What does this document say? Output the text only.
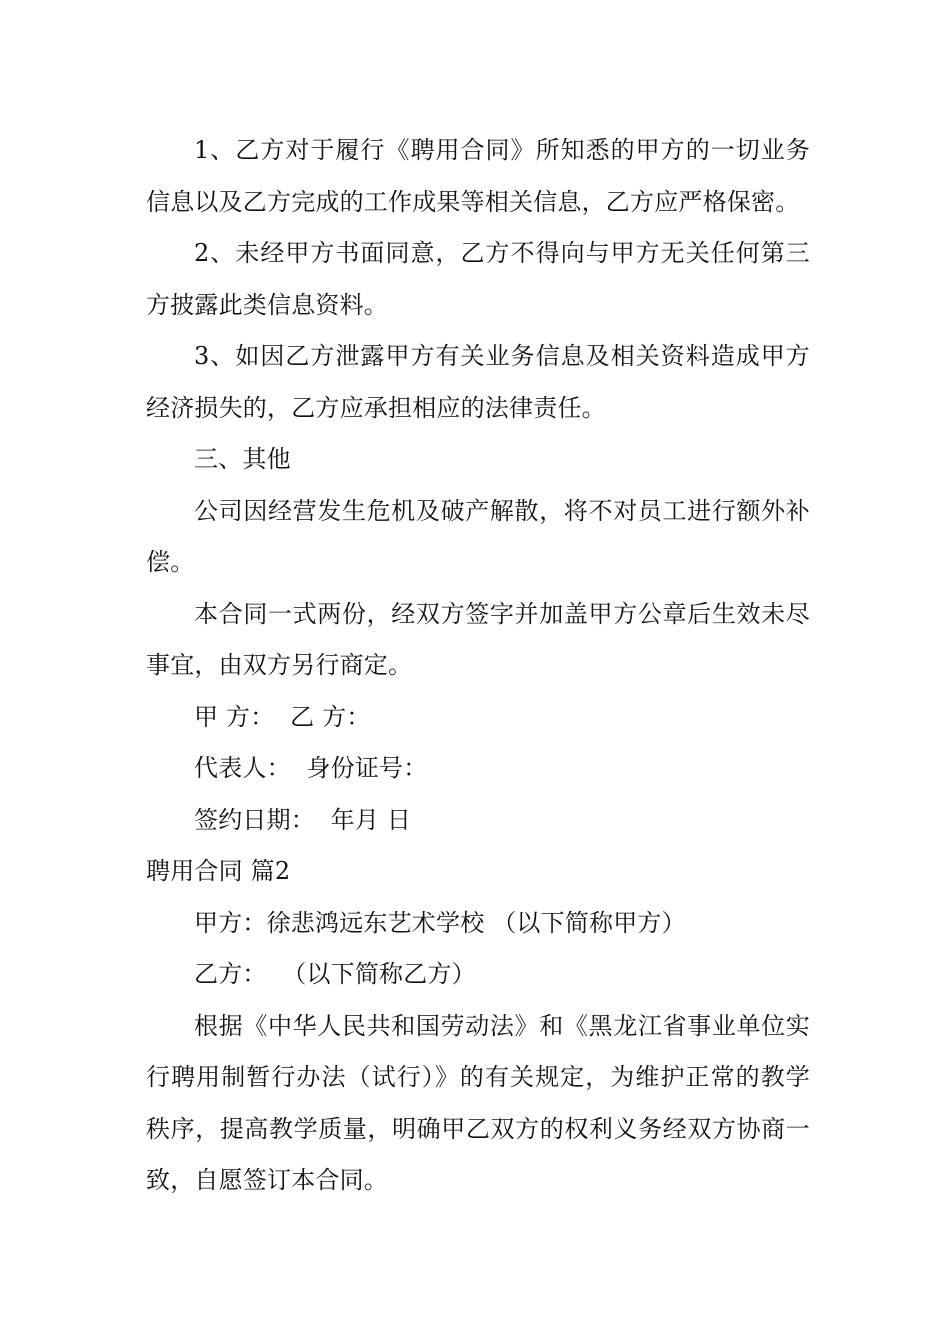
1、乙方对于履行《聘用合同》所知悉的甲方的一切业务信息以及乙方完成的工作成果等相关信息，乙方应严格保密。

2、未经甲方书面同意，乙方不得向与甲方无关任何第三方披露此类信息资料。

3、如因乙方泄露甲方有关业务信息及相关资料造成甲方经济损失的，乙方应承担相应的法律责任。

三、其他

公司因经营发生危机及破产解散，将不对员工进行额外补偿。

本合同一式两份，经双方签字并加盖甲方公章后生效未尽事宜，由双方另行商定。

甲 方：  乙 方：

代表人：  身份证号：

签约日期：  年月 日

聘用合同 篇2

甲方：徐悲鸿远东艺术学校 （以下简称甲方）

乙方：  （以下简称乙方）

根据《中华人民共和国劳动法》和《黑龙江省事业单位实行聘用制暂行办法（试行）》的有关规定，为维护正常的教学秩序，提高教学质量，明确甲乙双方的权利义务经双方协商一致，自愿签订本合同。
